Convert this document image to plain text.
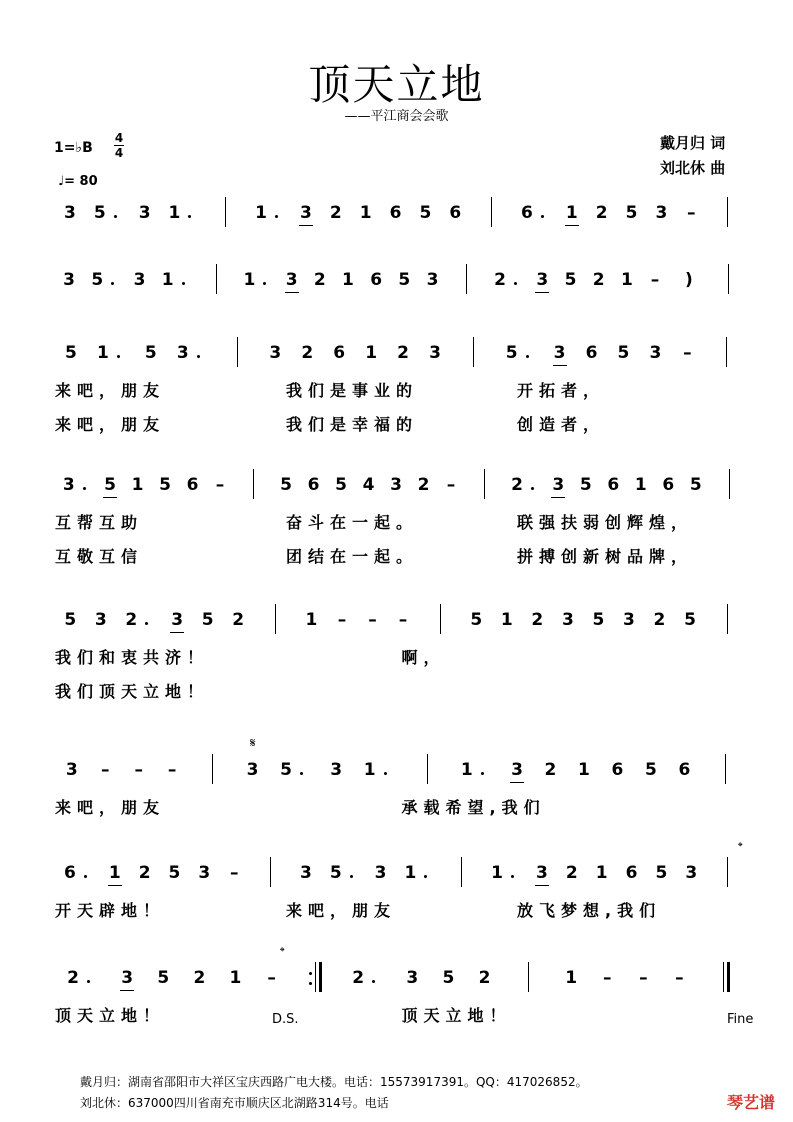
顶天立地
——平江商会会歌
戴月归 词
刘北休 曲
1=♭B
4
4
♩= 80
3 5 3 1	1 3 2 1 6 5 6	6 1 2 5 3 –
3 5 3 1	1 3 2 1 6 5 3	2 3 5 2 1 – )
5 1 5 3	3 2 6 1 2 3	5 3 6 5 3 –
来吧，朋友	我们是事业的	开拓者，
来吧，朋友	我们是幸福的	创造者，
3 5 1 5 6 –	5 6 5 4 3 2 –	2 3 5 6 1 6 5
互帮互助	奋斗在一起。	联强扶弱创辉煌，
互敬互信	团结在一起。	拼搏创新树品牌，
5 3 2 3 5 2	1 – – –	5 1 2 3 5 3 2 5
我们和衷共济！	啊，
我们顶天立地！
3 – – –	3 5 3 1	1 3 2 1 6 5 6
来吧，朋友	承载希望,我们
6 1 2 5 3 –	3 5 3 1	1 3 2 1 6 5 3
开天辟地！	来吧，朋友	放飞梦想,我们
2 3 5 2 1 –	2 3 5 2	1 – – –
顶天立地！	顶天立地！
𝄋
𝄌
𝄌
D.S.	Fine
戴月归：湖南省邵阳市大祥区宝庆西路广电大楼。电话：15573917391。QQ：417026852。
刘北休：637000四川省南充市顺庆区北湖路314号。电话	琴艺谱
